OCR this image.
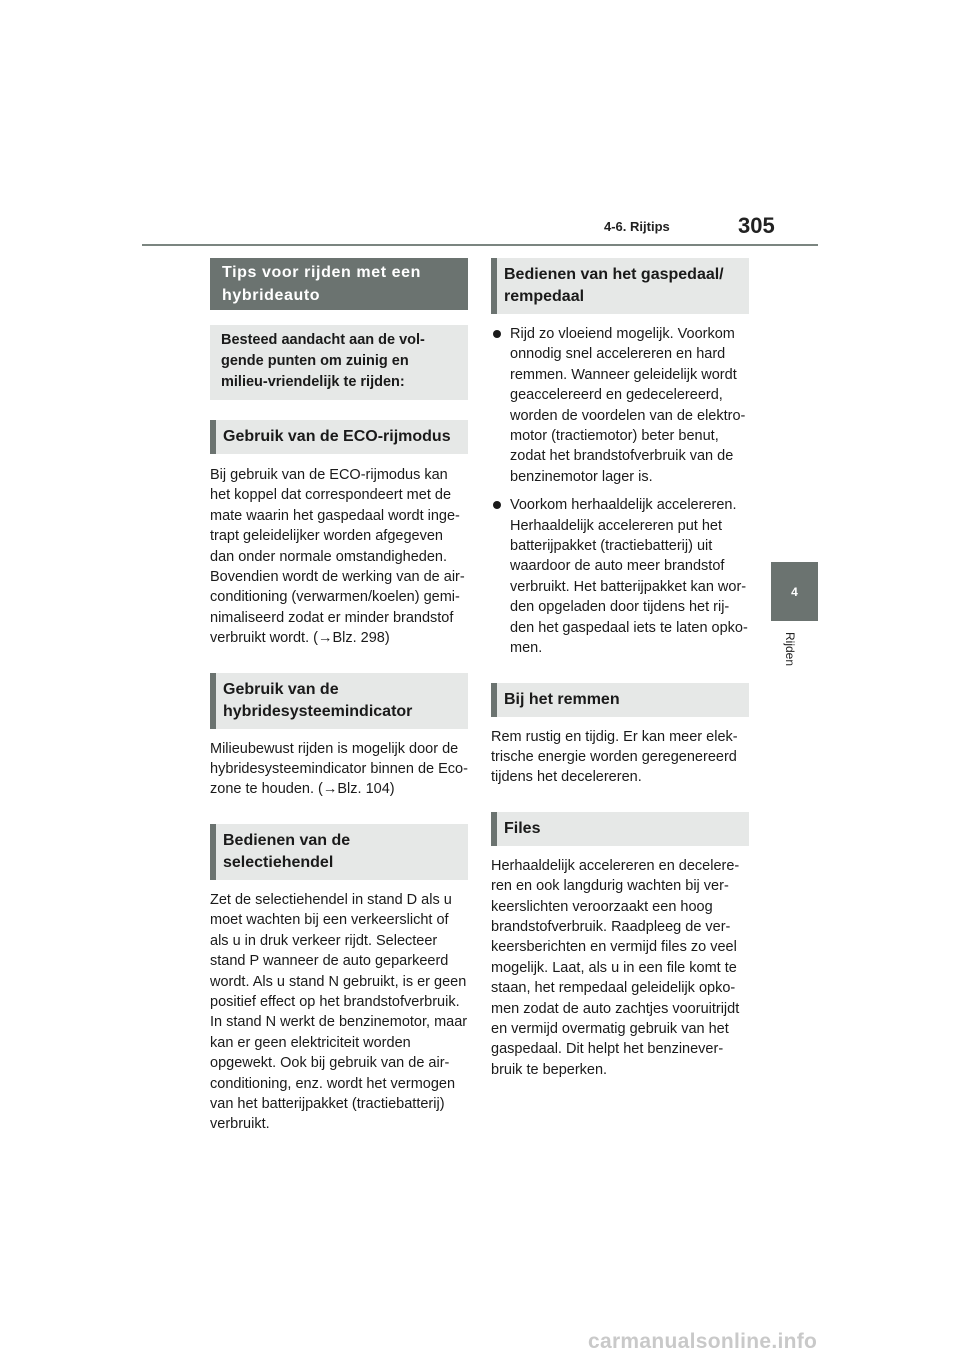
4-6. Rijtips	305
4
Rijden
Tips voor rijden met een hybrideauto
Besteed aandacht aan de vol-gende punten om zuinig en milieu-vriendelijk te rijden:
Gebruik van de ECO-rijmodus
Bij gebruik van de ECO-rijmodus kan het koppel dat correspondeert met de mate waarin het gaspedaal wordt inge-trapt geleidelijker worden afgegeven dan onder normale omstandigheden. Bovendien wordt de werking van de air-conditioning (verwarmen/koelen) gemi-nimaliseerd zodat er minder brandstof verbruikt wordt. (→Blz. 298)
Gebruik van de hybridesysteemindicator
Milieubewust rijden is mogelijk door de hybridesysteemindicator binnen de Eco-zone te houden. (→Blz. 104)
Bedienen van de selectiehendel
Zet de selectiehendel in stand D als u moet wachten bij een verkeerslicht of als u in druk verkeer rijdt. Selecteer stand P wanneer de auto geparkeerd wordt. Als u stand N gebruikt, is er geen positief effect op het brandstofverbruik. In stand N werkt de benzinemotor, maar kan er geen elektriciteit worden opgewekt. Ook bij gebruik van de air-conditioning, enz. wordt het vermogen van het batterijpakket (tractiebatterij) verbruikt.
Bedienen van het gaspedaal/ rempedaal
Rijd zo vloeiend mogelijk. Voorkom onnodig snel accelereren en hard remmen. Wanneer geleidelijk wordt geaccelereerd en gedecelereerd, worden de voordelen van de elektro-motor (tractiemotor) beter benut, zodat het brandstofverbruik van de benzinemotor lager is.
Voorkom herhaaldelijk accelereren. Herhaaldelijk accelereren put het batterijpakket (tractiebatterij) uit waardoor de auto meer brandstof verbruikt. Het batterijpakket kan wor-den opgeladen door tijdens het rij-den het gaspedaal iets te laten opko-men.
Bij het remmen
Rem rustig en tijdig. Er kan meer elek-trische energie worden geregenereerd tijdens het decelereren.
Files
Herhaaldelijk accelereren en decelere-ren en ook langdurig wachten bij ver-keerslichten veroorzaakt een hoog brandstofverbruik. Raadpleeg de ver-keersberichten en vermijd files zo veel mogelijk. Laat, als u in een file komt te staan, het rempedaal geleidelijk opko-men zodat de auto zachtjes vooruitrijdt en vermijd overmatig gebruik van het gaspedaal. Dit helpt het benzinever-bruik te beperken.
carmanualsonline.info
